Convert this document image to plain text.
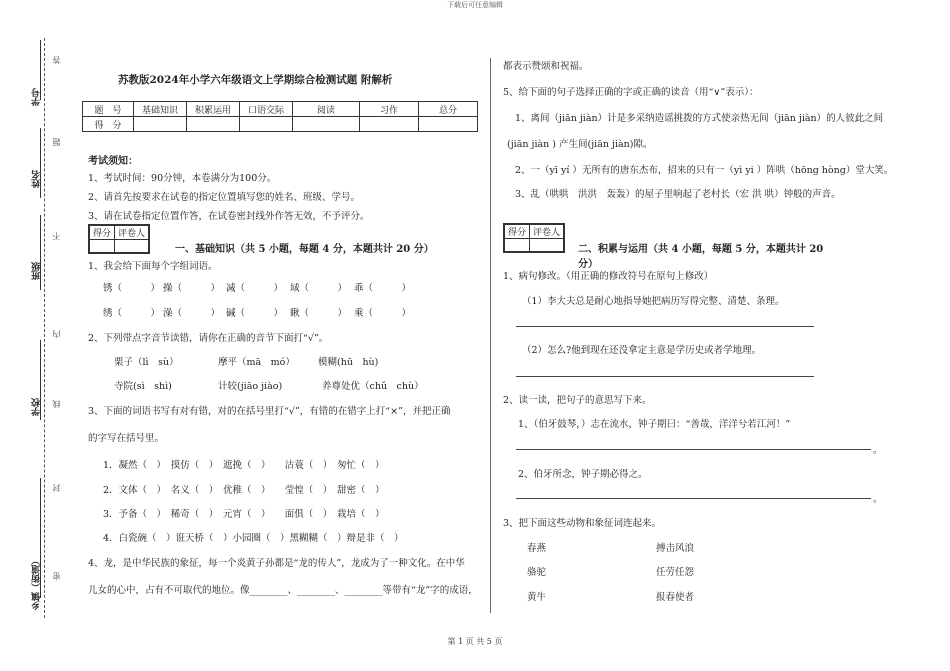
下载后可任意编辑
学号
姓名
班级
学校
乡镇（街道）
答
题
不
内
线
封
密
苏教版2024年小学六年级语文上学期综合检测试题 附解析
题　号	基础知识	积累运用	口语交际	阅读	习作	总分
得　分						
考试须知：
1、考试时间：90分钟，本卷满分为100分。
2、请首先按要求在试卷的指定位置填写您的姓名、班级、学号。
3、请在试卷指定位置作答，在试卷密封线外作答无效，不予评分。
得分	评卷人

一、基础知识（共 5 小题，每题 4 分，本题共计 20 分）
1、我会给下面每个字组词语。
锈（　　　） 操（　　　） 减（　　　） 域（　　　） 乖（　　　）
绣（　　　） 澡（　　　） 碱（　　　） 瞅（　　　） 乘（　　　）
2、下列带点字音节读错，请你在正确的音节下面打“√”。
栗子（lì　sù）	摩平（mā　mó） 模糊(hū　hù)
寺院(sì　shì)	计较(jiāo jiào)	养尊处优（chǔ　chù）
3、下面的词语书写有对有错，对的在括号里打“√”，有错的在错字上打“×”，并把正确
的字写在括号里。
1．凝然（　）　摸仿（　）　遮挽（　）　　沽蓑（　）　匆忙（　）
2．文体（　）　名义（　）　优稚（　）　　莹惶（　）　甜密（　）
3．予备（　）　稀奇（　）　元宵（　）　　面俱（　）　栽培（　）
4．白瓷碗（　）诳天桥（　）小园圈（　）黑糊糊（　）辩是非（　）
4、龙，是中华民族的象征，每一个炎黄子孙都是“龙的传人”，龙成为了一种文化。在中华
儿女的心中，占有不可取代的地位。像________、________、________等带有“龙”字的成语，
都表示赞颂和祝福。
5、给下面的句子选择正确的字或正确的读音（用“∨”表示）：
1、离间（jiān jiàn）计是多采纳造谣挑拨的方式使亲热无间（jiān jiàn）的人彼此之间
(jiān jiàn ) 产生间(jiān jiàn)隙。
2、一（yī yí ）无所有的唐东杰布，招来的只有一（yì yi ）阵哄（hōng hòng）堂大笑。
3、乱（哄哄　洪洪　轰轰）的屋子里响起了老村长（宏 洪 哄）钟般的声音。
得分	评卷人

二、积累与运用（共 4 小题，每题 5 分，本题共计 20
分）
1、病句修改。（用正确的修改符号在原句上修改）
（1）李大夫总是耐心地指导她把病历写得完整、清楚、条理。
（2）怎么?他到现在还没拿定主意是学历史或者学地理。
2、读一读，把句子的意思写下来。
1、（伯牙鼓琴，）志在流水，钟子期曰：“善哉，洋洋兮若江河！”
。
2、伯牙所念，钟子期必得之。
。
3、把下面这些动物和象征词连起来。
春燕	搏击风浪
骆驼	任劳任怨
黄牛	报春使者
第 1 页 共 5 页
